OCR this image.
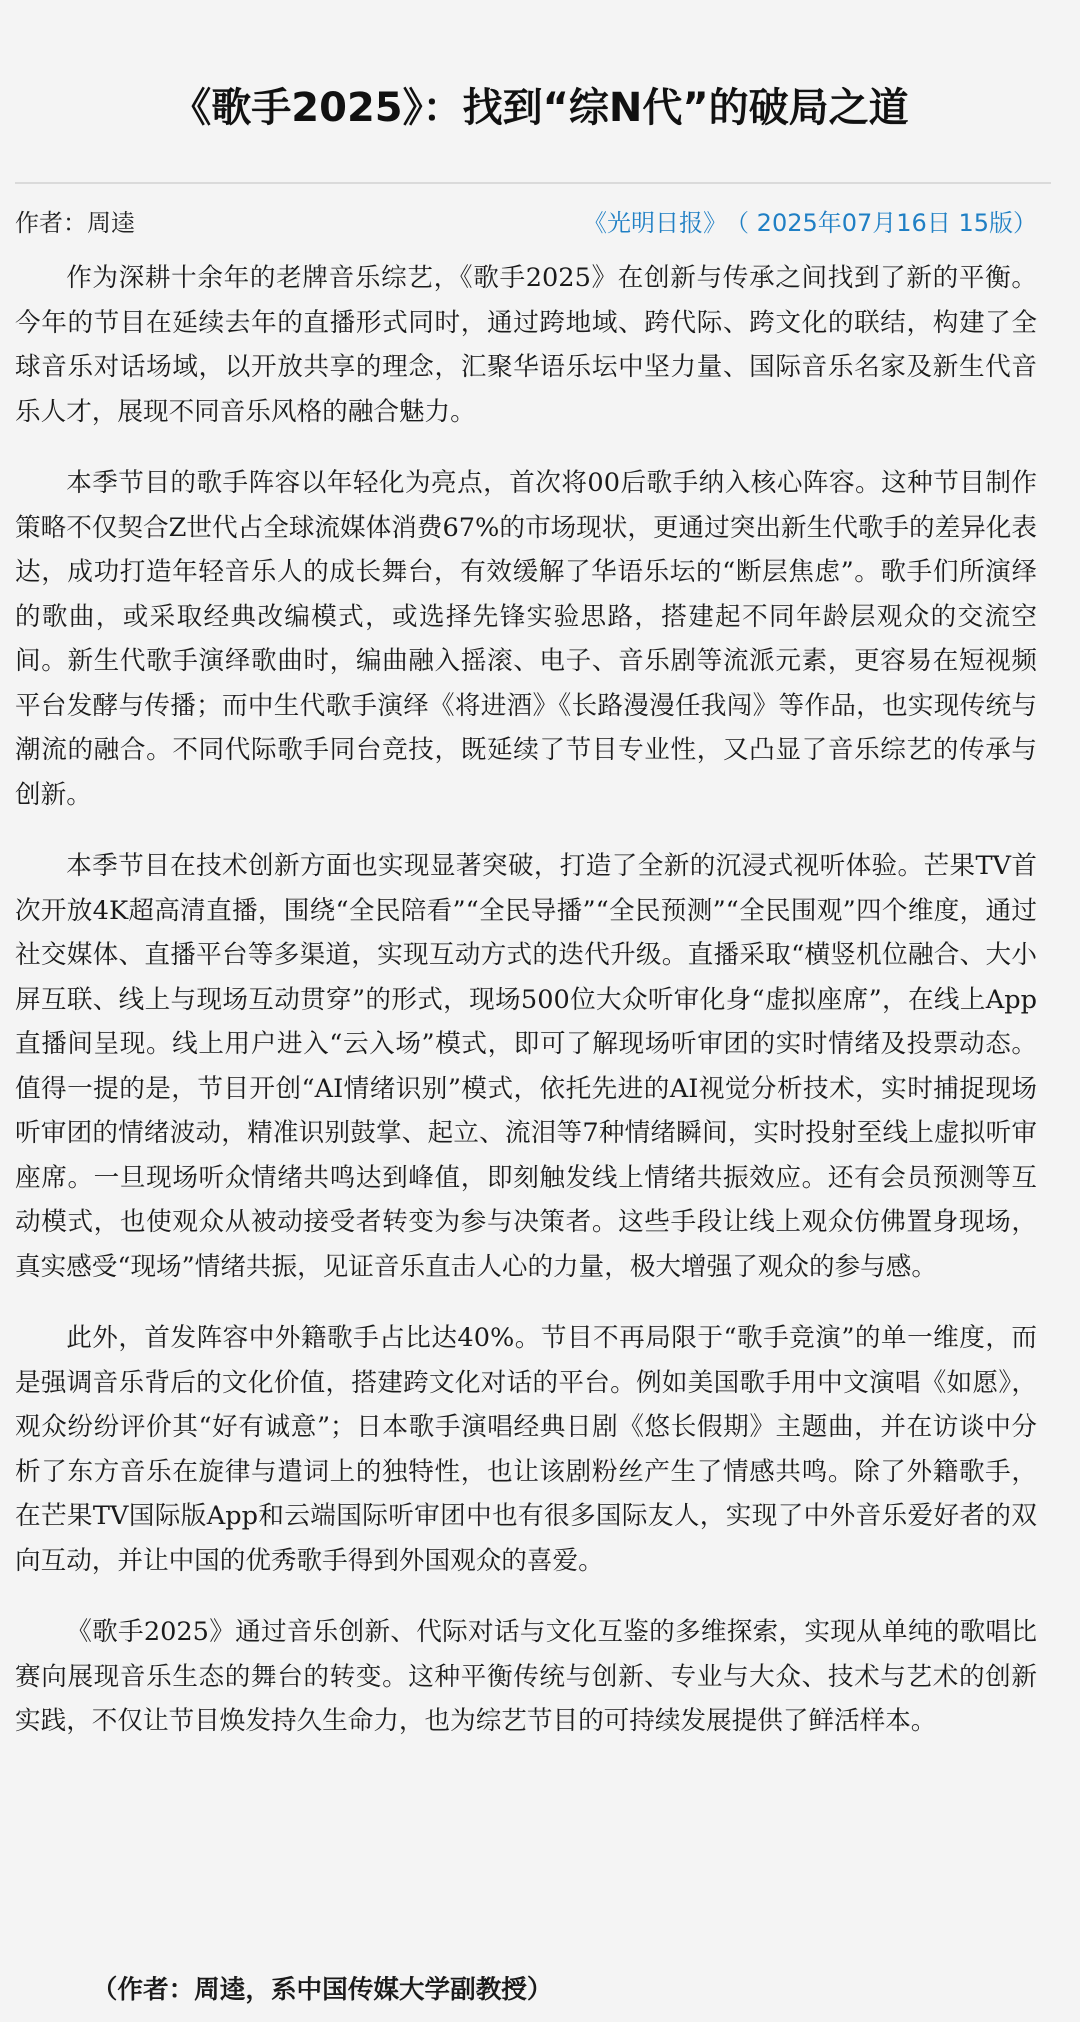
《歌手2025》：找到“综N代”的破局之道
作者：周逵	《光明日报》 （ 2025年07月16日 15版）

作为深耕十余年的老牌音乐综艺，《歌手2025》在创新与传承之间找到了新的平衡。今年的节目在延续去年的直播形式同时，通过跨地域、跨代际、跨文化的联结，构建了全球音乐对话场域，以开放共享的理念，汇聚华语乐坛中坚力量、国际音乐名家及新生代音乐人才，展现不同音乐风格的融合魅力。

本季节目的歌手阵容以年轻化为亮点，首次将00后歌手纳入核心阵容。这种节目制作策略不仅契合Z世代占全球流媒体消费67%的市场现状，更通过突出新生代歌手的差异化表达，成功打造年轻音乐人的成长舞台，有效缓解了华语乐坛的“断层焦虑”。歌手们所演绎的歌曲，或采取经典改编模式，或选择先锋实验思路，搭建起不同年龄层观众的交流空间。新生代歌手演绎歌曲时，编曲融入摇滚、电子、音乐剧等流派元素，更容易在短视频平台发酵与传播；而中生代歌手演绎《将进酒》《长路漫漫任我闯》等作品，也实现传统与潮流的融合。不同代际歌手同台竞技，既延续了节目专业性，又凸显了音乐综艺的传承与创新。

本季节目在技术创新方面也实现显著突破，打造了全新的沉浸式视听体验。芒果TV首次开放4K超高清直播，围绕“全民陪看”“全民导播”“全民预测”“全民围观”四个维度，通过社交媒体、直播平台等多渠道，实现互动方式的迭代升级。直播采取“横竖机位融合、大小屏互联、线上与现场互动贯穿”的形式，现场500位大众听审化身“虚拟座席”，在线上App直播间呈现。线上用户进入“云入场”模式，即可了解现场听审团的实时情绪及投票动态。值得一提的是，节目开创“AI情绪识别”模式，依托先进的AI视觉分析技术，实时捕捉现场听审团的情绪波动，精准识别鼓掌、起立、流泪等7种情绪瞬间，实时投射至线上虚拟听审座席。一旦现场听众情绪共鸣达到峰值，即刻触发线上情绪共振效应。还有会员预测等互动模式，也使观众从被动接受者转变为参与决策者。这些手段让线上观众仿佛置身现场，真实感受“现场”情绪共振，见证音乐直击人心的力量，极大增强了观众的参与感。

此外，首发阵容中外籍歌手占比达40%。节目不再局限于“歌手竞演”的单一维度，而是强调音乐背后的文化价值，搭建跨文化对话的平台。例如美国歌手用中文演唱《如愿》，观众纷纷评价其“好有诚意”；日本歌手演唱经典日剧《悠长假期》主题曲，并在访谈中分析了东方音乐在旋律与遣词上的独特性，也让该剧粉丝产生了情感共鸣。除了外籍歌手，在芒果TV国际版App和云端国际听审团中也有很多国际友人，实现了中外音乐爱好者的双向互动，并让中国的优秀歌手得到外国观众的喜爱。

《歌手2025》通过音乐创新、代际对话与文化互鉴的多维探索，实现从单纯的歌唱比赛向展现音乐生态的舞台的转变。这种平衡传统与创新、专业与大众、技术与艺术的创新实践，不仅让节目焕发持久生命力，也为综艺节目的可持续发展提供了鲜活样本。

（作者：周逵，系中国传媒大学副教授）
